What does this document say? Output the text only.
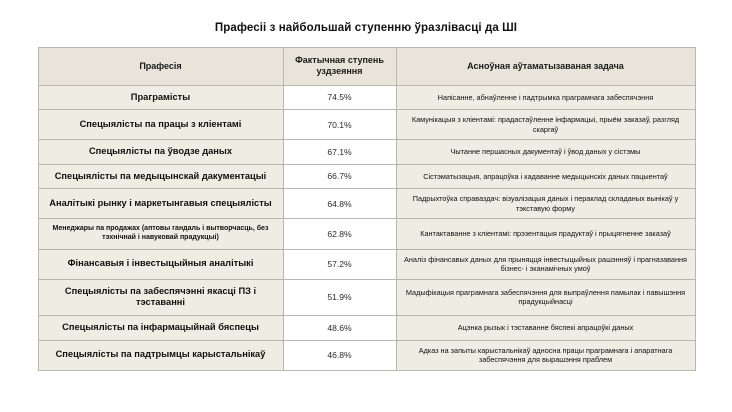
Прафесіі з найбольшай ступенню ўразлівасці да ШІ
Прафесія	Фактычная ступень уздзеяння	Асноўная аўтаматызаваная задача
Праграмісты	74.5%	Напісанне, абнаўленне і падтрымка праграмнага забеспячэння
Спецыялісты па працы з кліентамі	70.1%	Камунікацыя з кліентамі: прадастаўленне інфармацыі, прыём заказаў, разгляд скаргаў
Спецыялісты па ўводзе даных	67.1%	Чытанне першасных дакументаў і ўвод даных у сістэмы
Спецыялісты па медыцынскай дакументацыі	66.7%	Сістэматызацыя, апрацоўка і кадаванне медыцынскіх даных пацыентаў
Аналітыкі рынку і маркетынгавыя спецыялісты	64.8%	Падрыхтоўка справаздач: візуалізацыя даных і пераклад складаных вынікаў у тэкставую форму
Менеджары па продажах (аптовы гандаль і вытворчасць, без тэхнічнай і навуковай прадукцыі)	62.8%	Кантактаванне з кліентамі: прэзентацыя прадуктаў і прыцягненне заказаў
Фінансавыя і інвестыцыйныя аналітыкі	57.2%	Аналіз фінансавых даных для прыняцця інвестыцыйных рашэнняў і прагназавання бізнес- і эканамічных умоў
Спецыялісты па забеспячэнні якасці ПЗ і тэставанні	51.9%	Мадыфікацыя праграмнага забеспячэння для выпраўлення памылак і павышэння прадукцыйнасці
Спецыялісты па інфармацыйнай бяспецы	48.6%	Ацэнка рызык і тэставанне бяспекі апрацоўкі даных
Спецыялісты па падтрымцы карыстальнікаў	46.8%	Адказ на запыты карыстальнікаў адносна працы праграмнага і апаратнага забеспячэння для вырашэння праблем
